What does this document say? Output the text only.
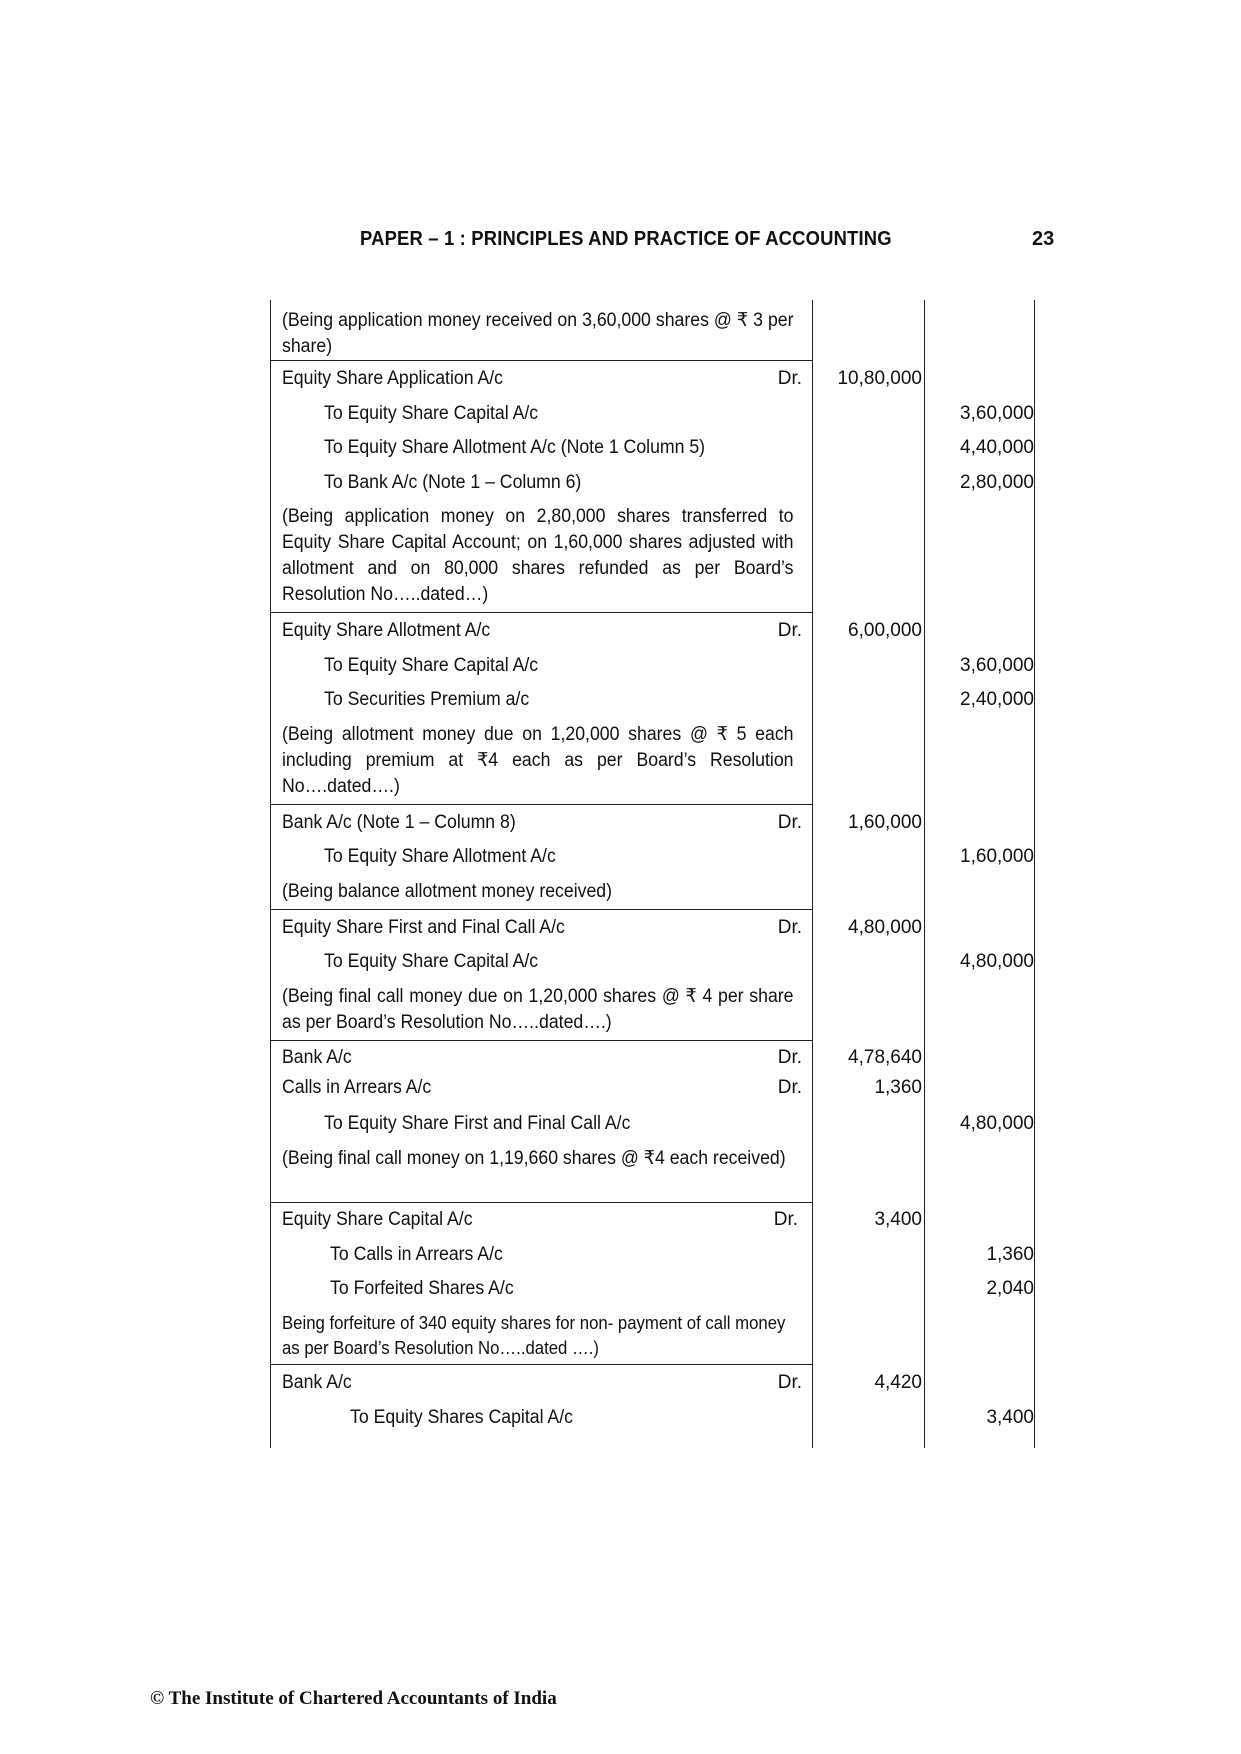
PAPER – 1 : PRINCIPLES AND PRACTICE OF ACCOUNTING	23
(Being application money received on 3,60,000 shares @ ₹ 3 per share)
Equity Share Application A/c	Dr.	10,80,000
To Equity Share Capital A/c	3,60,000
To Equity Share Allotment A/c (Note 1 Column 5)	4,40,000
To Bank A/c (Note 1 – Column 6)	2,80,000
(Being application money on 2,80,000 shares transferred to Equity Share Capital Account; on 1,60,000 shares adjusted with allotment and on 80,000 shares refunded as per Board’s Resolution No…..dated…)
Equity Share Allotment A/c	Dr.	6,00,000
To Equity Share Capital A/c	3,60,000
To Securities Premium a/c	2,40,000
(Being allotment money due on 1,20,000 shares @ ₹ 5 each including premium at ₹4 each as per Board’s Resolution No….dated….)
Bank A/c (Note 1 – Column 8)	Dr.	1,60,000
To Equity Share Allotment A/c	1,60,000
(Being balance allotment money received)
Equity Share First and Final Call A/c	Dr.	4,80,000
To Equity Share Capital A/c	4,80,000
(Being final call money due on 1,20,000 shares @ ₹ 4 per share as per Board’s Resolution No…..dated….)
Bank A/c	Dr.	4,78,640
Calls in Arrears A/c	Dr.	1,360
To Equity Share First and Final Call A/c	4,80,000
(Being final call money on 1,19,660 shares @ ₹4 each received)
Equity Share Capital A/c	Dr.	3,400
To Calls in Arrears A/c	1,360
To Forfeited Shares A/c	2,040
Being forfeiture of 340 equity shares for non- payment of call money as per Board’s Resolution No…..dated ….)
Bank A/c	Dr.	4,420
To Equity Shares Capital A/c	3,400
© The Institute of Chartered Accountants of India
